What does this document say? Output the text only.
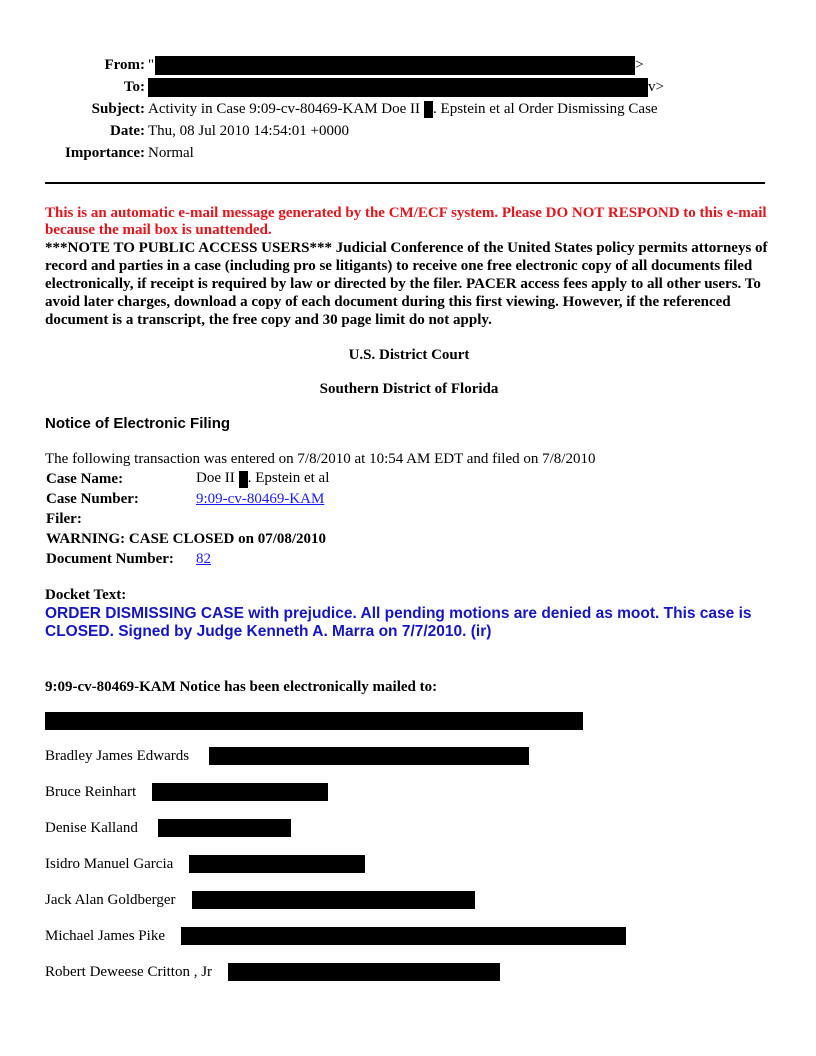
From: "	>
To:	v>
Subject: Activity in Case 9:09-cv-80469-KAM Doe II . Epstein et al Order Dismissing Case
Date: Thu, 08 Jul 2010 14:54:01 +0000
Importance: Normal

This is an automatic e-mail message generated by the CM/ECF system. Please DO NOT RESPOND to this e-mail because the mail box is unattended.

***NOTE TO PUBLIC ACCESS USERS*** Judicial Conference of the United States policy permits attorneys of record and parties in a case (including pro se litigants) to receive one free electronic copy of all documents filed electronically, if receipt is required by law or directed by the filer. PACER access fees apply to all other users. To avoid later charges, download a copy of each document during this first viewing. However, if the referenced document is a transcript, the free copy and 30 page limit do not apply.

U.S. District Court
Southern District of Florida
Notice of Electronic Filing
The following transaction was entered on 7/8/2010 at 10:54 AM EDT and filed on 7/8/2010
Case Name:	Doe II . Epstein et al
Case Number:	9:09-cv-80469-KAM
Filer:	
WARNING: CASE CLOSED on 07/08/2010	
Document Number:	82
Docket Text:
ORDER DISMISSING CASE with prejudice. All pending motions are denied as moot. This case is CLOSED. Signed by Judge Kenneth A. Marra on 7/7/2010. (ir)
9:09-cv-80469-KAM Notice has been electronically mailed to:
Bradley James Edwards
Bruce Reinhart
Denise Kalland
Isidro Manuel Garcia
Jack Alan Goldberger
Michael James Pike
Robert Deweese Critton , Jr
